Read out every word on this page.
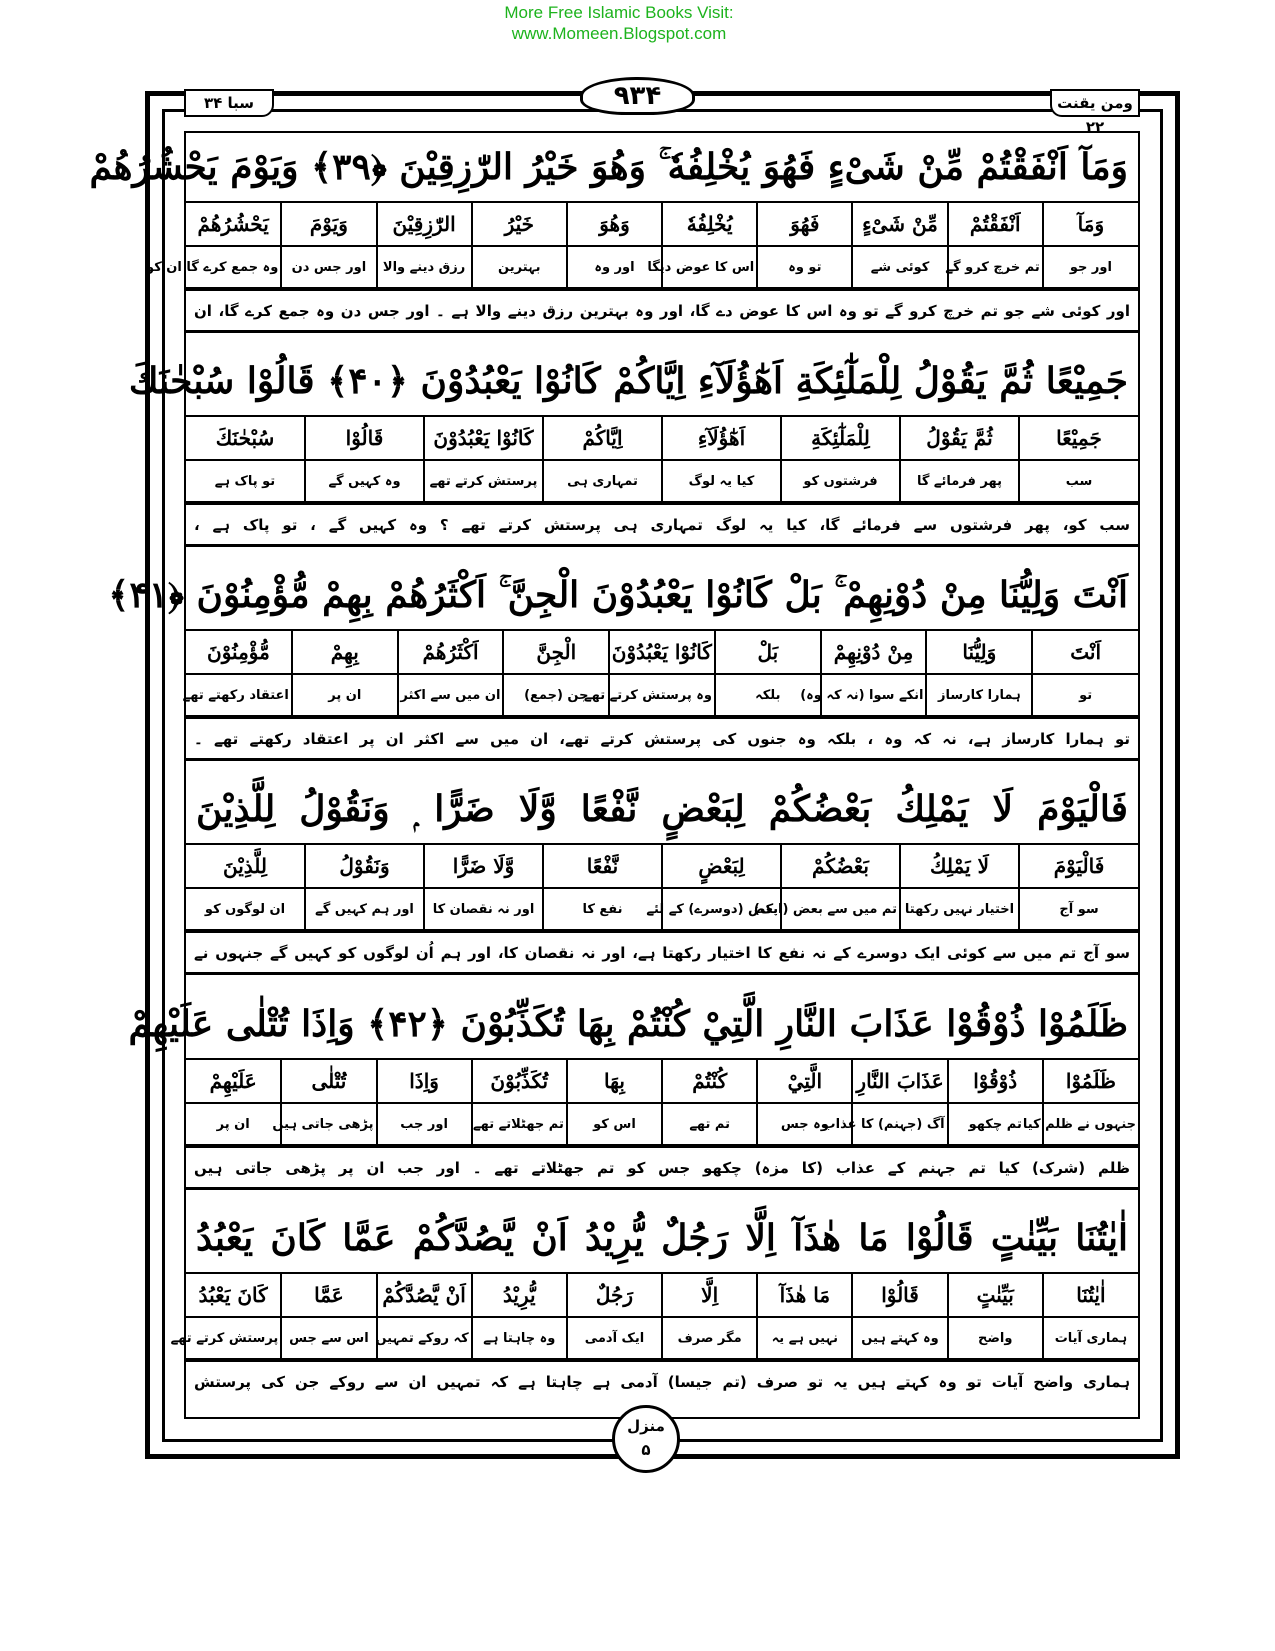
More Free Islamic Books Visit:
www.Momeen.Blogspot.com
سبا ۳۴	ومن یقنت ۲۲
۹۳۴
وَمَآ اَنْفَقْتُمْ مِّنْ شَیْءٍ فَهُوَ يُخْلِفُهٗ ۚ وَهُوَ خَيْرُ الرّٰزِقِيْنَ ﴿۳۹﴾ وَيَوْمَ يَحْشُرُهُمْ
وَمَآ	اَنْفَقْتُمْ	مِّنْ شَیْءٍ	فَهُوَ	يُخْلِفُهٗ	وَهُوَ	خَيْرُ	الرّٰزِقِيْنَ	وَيَوْمَ	يَحْشُرُهُمْ
اور جو	تم خرچ کرو گے	کوئی شے	تو وہ	اس کا عوض دیگا	اور وہ	بہترین	رزق دینے والا	اور جس دن	وہ جمع کرے گا ان کو
اور کوئی شے جو تم خرچ کرو گے تو وہ اس کا عوض دے گا، اور وہ بہترین رزق دینے والا ہے ۔ اور جس دن وہ جمع کرے گا، ان
جَمِيْعًا ثُمَّ يَقُوْلُ لِلْمَلٰٓئِكَةِ اَهٰٓؤُلَآءِ اِيَّاكُمْ كَانُوْا يَعْبُدُوْنَ ﴿۴۰﴾ قَالُوْا سُبْحٰنَكَ
جَمِيْعًا	ثُمَّ يَقُوْلُ	لِلْمَلٰٓئِكَةِ	اَهٰٓؤُلَآءِ	اِيَّاكُمْ	كَانُوْا يَعْبُدُوْنَ	قَالُوْا	سُبْحٰنَكَ
سب	پھر فرمائے گا	فرشتوں کو	کیا یہ لوگ	تمہاری ہی	پرستش کرتے تھے	وہ کہیں گے	تو پاک ہے
سب کو، پھر فرشتوں سے فرمائے گا، کیا یہ لوگ تمہاری ہی پرستش کرتے تھے ؟ وہ کہیں گے ، تو پاک ہے ،
اَنْتَ وَلِيُّنَا مِنْ دُوْنِهِمْ ۚ بَلْ كَانُوْا يَعْبُدُوْنَ الْجِنَّ ۚ اَكْثَرُهُمْ بِهِمْ مُّؤْمِنُوْنَ ﴿۴۱﴾
اَنْتَ	وَلِيُّنَا	مِنْ دُوْنِهِمْ	بَلْ	كَانُوْا يَعْبُدُوْنَ	الْجِنَّ	اَكْثَرُهُمْ	بِهِمْ	مُّؤْمِنُوْنَ
تو	ہمارا کارساز	انکے سوا (نہ کہ وہ)	بلکہ	وہ پرستش کرتے تھے	جن (جمع)	ان میں سے اکثر	ان پر	اعتقاد رکھتے تھے
تو ہمارا کارساز ہے، نہ کہ وہ ، بلکہ وہ جنوں کی پرستش کرتے تھے، ان میں سے اکثر ان پر اعتقاد رکھتے تھے ۔
فَالْيَوْمَ لَا يَمْلِكُ بَعْضُكُمْ لِبَعْضٍ نَّفْعًا وَّلَا ضَرًّا ۭ وَنَقُوْلُ لِلَّذِيْنَ
فَالْيَوْمَ	لَا يَمْلِكُ	بَعْضُكُمْ	لِبَعْضٍ	نَّفْعًا	وَّلَا ضَرًّا	وَنَقُوْلُ	لِلَّذِيْنَ
سو آج	اختیار نہیں رکھتا	تم میں سے بعض (ایک)	بعض (دوسرے) کے لئے	نفع کا	اور نہ نقصان کا	اور ہم کہیں گے	ان لوگوں کو
سو آج تم میں سے کوئی ایک دوسرے کے نہ نفع کا اختیار رکھتا ہے، اور نہ نقصان کا، اور ہم اُن لوگوں کو کہیں گے جنہوں نے
ظَلَمُوْا ذُوْقُوْا عَذَابَ النَّارِ الَّتِيْ كُنْتُمْ بِهَا تُكَذِّبُوْنَ ﴿۴۲﴾ وَاِذَا تُتْلٰى عَلَيْهِمْ
ظَلَمُوْا	ذُوْقُوْا	عَذَابَ النَّارِ	الَّتِيْ	كُنْتُمْ	بِهَا	تُكَذِّبُوْنَ	وَاِذَا	تُتْلٰى	عَلَيْهِمْ
جنہوں نے ظلم کیا	تم چکھو	آگ (جہنم) کا عذاب	وہ جس	تم تھے	اس کو	تم جھٹلاتے تھے	اور جب	پڑھی جاتی ہیں	ان پر
ظلم (شرک) کیا تم جہنم کے عذاب (کا مزہ) چکھو جس کو تم جھٹلاتے تھے ۔ اور جب ان پر پڑھی جاتی ہیں
اٰيٰتُنَا بَيِّنٰتٍ قَالُوْا مَا هٰذَآ اِلَّا رَجُلٌ يُّرِيْدُ اَنْ يَّصُدَّكُمْ عَمَّا كَانَ يَعْبُدُ
اٰيٰتُنَا	بَيِّنٰتٍ	قَالُوْا	مَا هٰذَآ	اِلَّا	رَجُلٌ	يُّرِيْدُ	اَنْ يَّصُدَّكُمْ	عَمَّا	كَانَ يَعْبُدُ
ہماری آیات	واضح	وہ کہتے ہیں	نہیں ہے یہ	مگر صرف	ایک آدمی	وہ چاہتا ہے	کہ روکے تمہیں	اس سے جس	پرستش کرتے تھے
ہماری واضح آیات تو وہ کہتے ہیں یہ تو صرف (تم جیسا) آدمی ہے چاہتا ہے کہ تمہیں ان سے روکے جن کی پرستش
منزل
۵
